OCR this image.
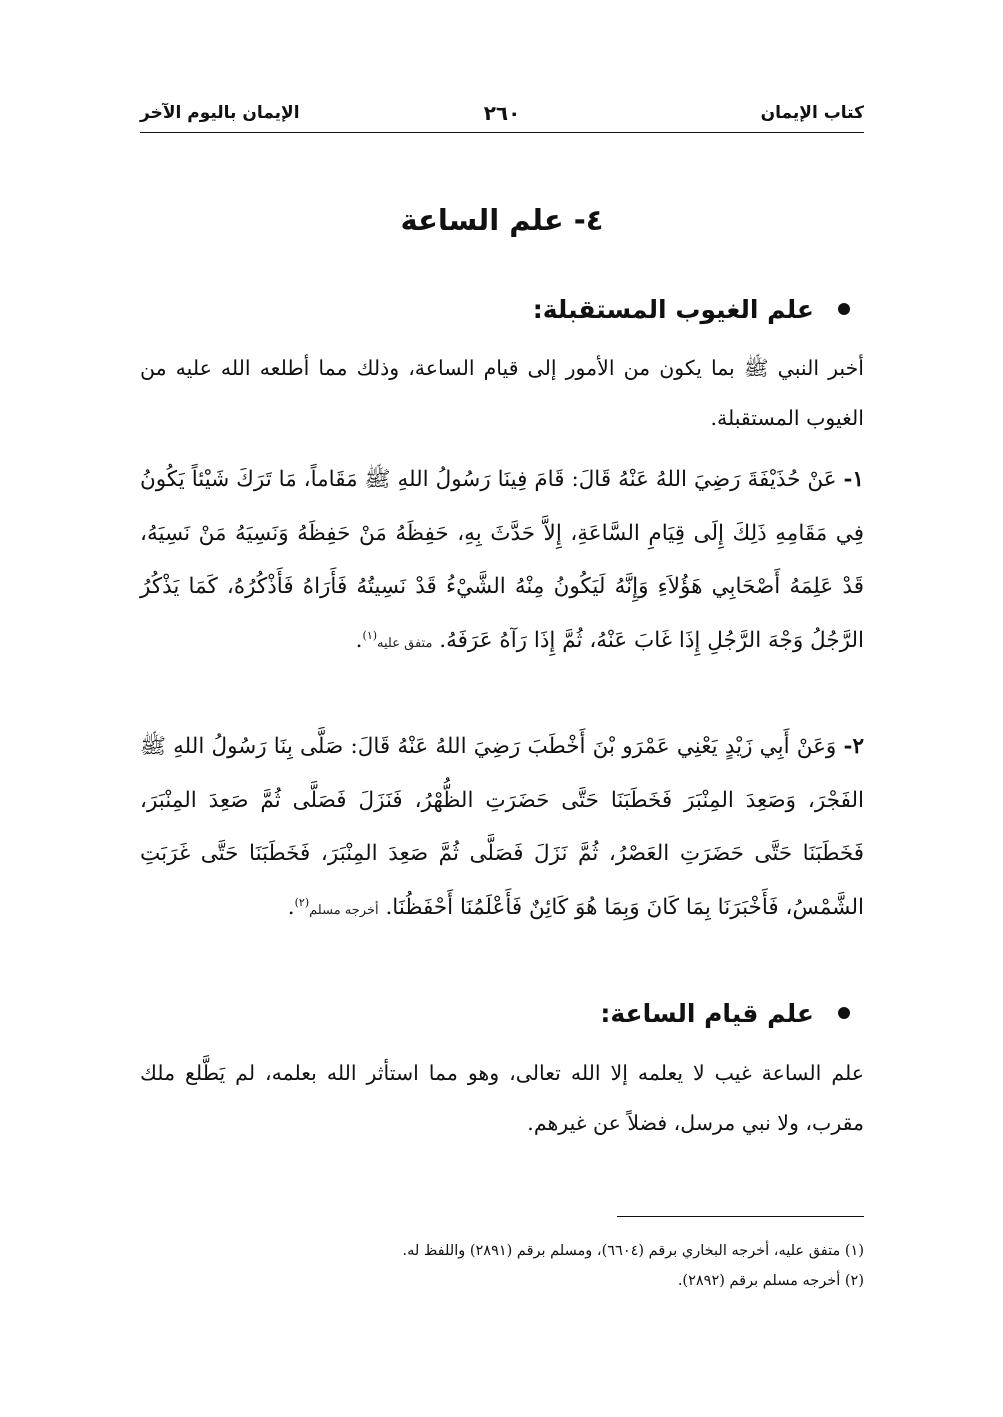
كتاب الإيمان
٢٦٠
الإيمان باليوم الآخر
٤- علم الساعة
علم الغيوب المستقبلة:

أخبر النبي ﷺ بما يكون من الأمور إلى قيام الساعة، وذلك مما أطلعه الله عليه من الغيوب المستقبلة.

١- عَنْ حُذَيْفَةَ رَضِيَ اللهُ عَنْهُ قَالَ: قَامَ فِينَا رَسُولُ اللهِ ﷺ مَقَاماً، مَا تَرَكَ شَيْئاً يَكُونُ فِي مَقَامِهِ ذَلِكَ إِلَى قِيَامِ السَّاعَةِ، إِلاَّ حَدَّثَ بِهِ، حَفِظَهُ مَنْ حَفِظَهُ وَنَسِيَهُ مَنْ نَسِيَهُ، قَدْ عَلِمَهُ أَصْحَابِي هَؤُلاَءِ وَإِنَّهُ لَيَكُونُ مِنْهُ الشَّيْءُ قَدْ نَسِيتُهُ فَأَرَاهُ فَأَذْكُرُهُ، كَمَا يَذْكُرُ الرَّجُلُ وَجْهَ الرَّجُلِ إِذَا غَابَ عَنْهُ، ثُمَّ إِذَا رَآهُ عَرَفَهُ. متفق عليه$^{(١)}$.

٢- وَعَنْ أَبِي زَيْدٍ يَعْنِي عَمْرَو بْنَ أَخْطَبَ رَضِيَ اللهُ عَنْهُ قَالَ: صَلَّى بِنَا رَسُولُ اللهِ ﷺ الفَجْرَ، وَصَعِدَ المِنْبَرَ فَخَطَبَنَا حَتَّى حَضَرَتِ الظُّهْرُ، فَنَزَلَ فَصَلَّى ثُمَّ صَعِدَ المِنْبَرَ، فَخَطَبَنَا حَتَّى حَضَرَتِ العَصْرُ، ثُمَّ نَزَلَ فَصَلَّى ثُمَّ صَعِدَ المِنْبَرَ، فَخَطَبَنَا حَتَّى غَرَبَتِ الشَّمْسُ، فَأَخْبَرَنَا بِمَا كَانَ وَبِمَا هُوَ كَائِنٌ فَأَعْلَمُنَا أَحْفَظُنَا. أخرجه مسلم$^{(٢)}$.

علم قيام الساعة:

علم الساعة غيب لا يعلمه إلا الله تعالى، وهو مما استأثر الله بعلمه، لم يَطَّلع ملك مقرب، ولا نبي مرسل، فضلاً عن غيرهم.

(١) متفق عليه، أخرجه البخاري برقم (٦٦٠٤)، ومسلم برقم (٢٨٩١) واللفظ له.
(٢) أخرجه مسلم برقم (٢٨٩٢).
